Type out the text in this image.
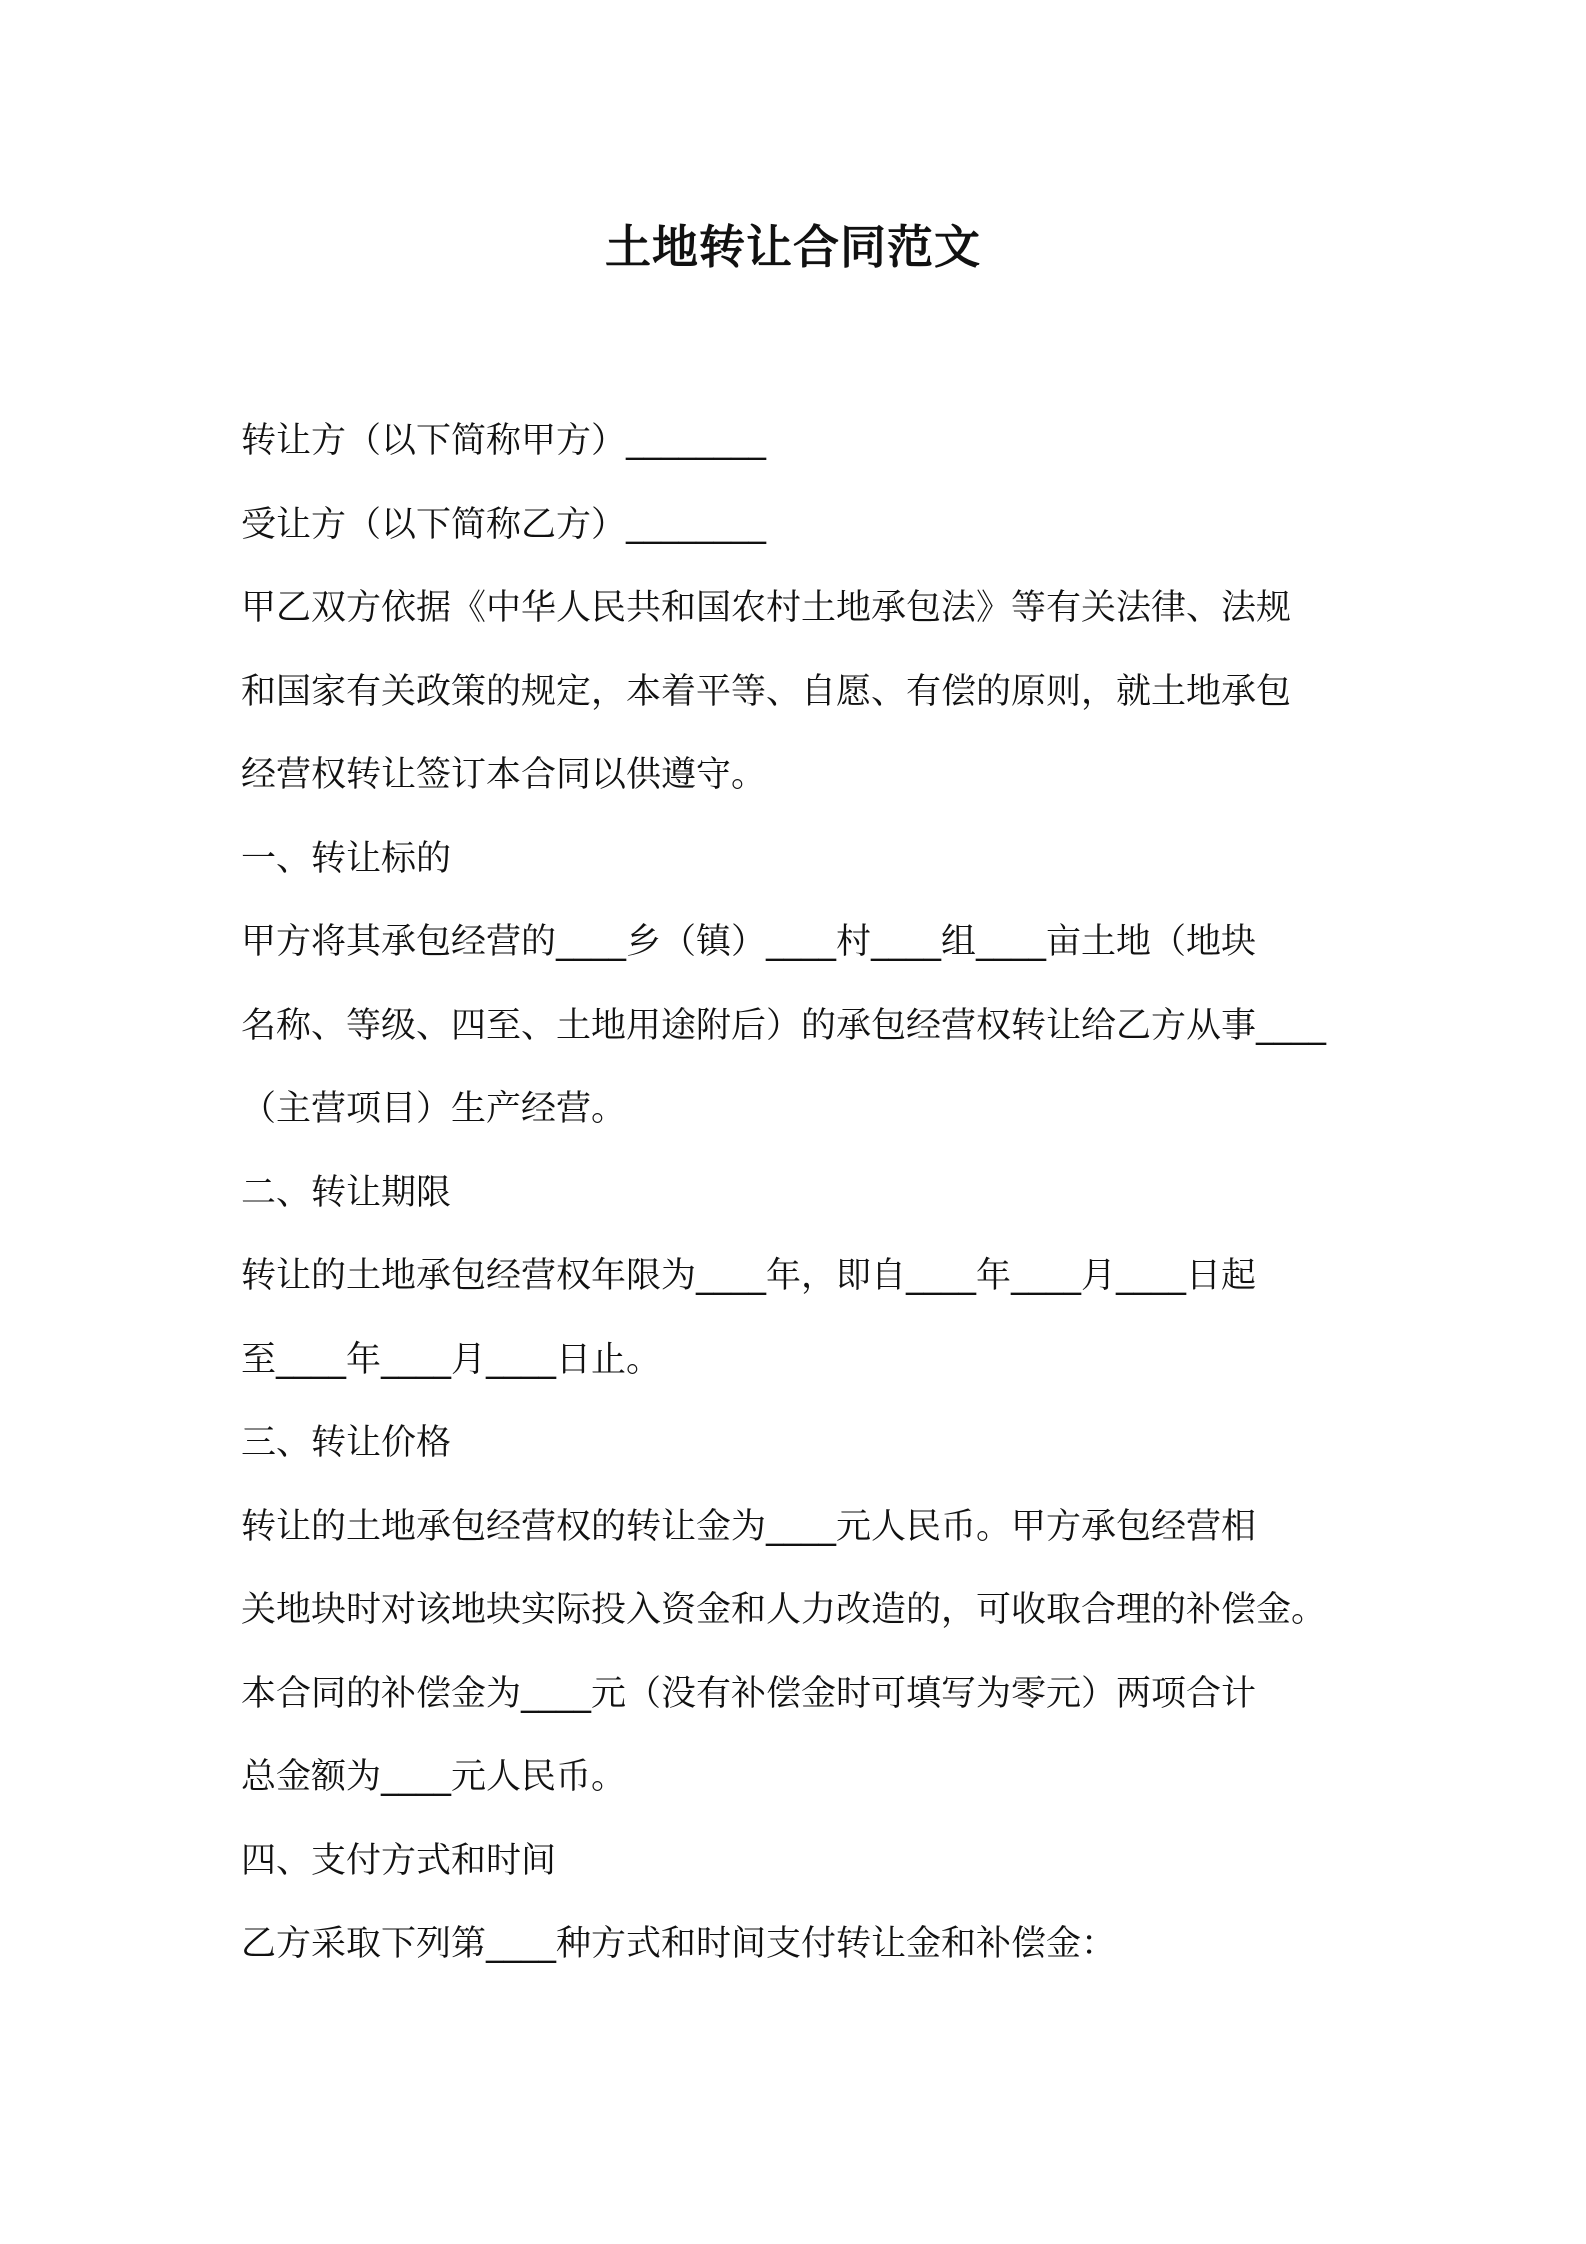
土地转让合同范文
转让方（以下简称甲方）________
受让方（以下简称乙方）________
甲乙双方依据《中华人民共和国农村土地承包法》等有关法律、法规
和国家有关政策的规定，本着平等、自愿、有偿的原则，就土地承包
经营权转让签订本合同以供遵守。
一、转让标的
甲方将其承包经营的____乡（镇）____村____组____亩土地（地块
名称、等级、四至、土地用途附后）的承包经营权转让给乙方从事____
（主营项目）生产经营。
二、转让期限
转让的土地承包经营权年限为____年，即自____年____月____日起
至____年____月____日止。
三、转让价格
转让的土地承包经营权的转让金为____元人民币。甲方承包经营相
关地块时对该地块实际投入资金和人力改造的，可收取合理的补偿金。
本合同的补偿金为____元（没有补偿金时可填写为零元）两项合计
总金额为____元人民币。
四、支付方式和时间
乙方采取下列第____种方式和时间支付转让金和补偿金：
